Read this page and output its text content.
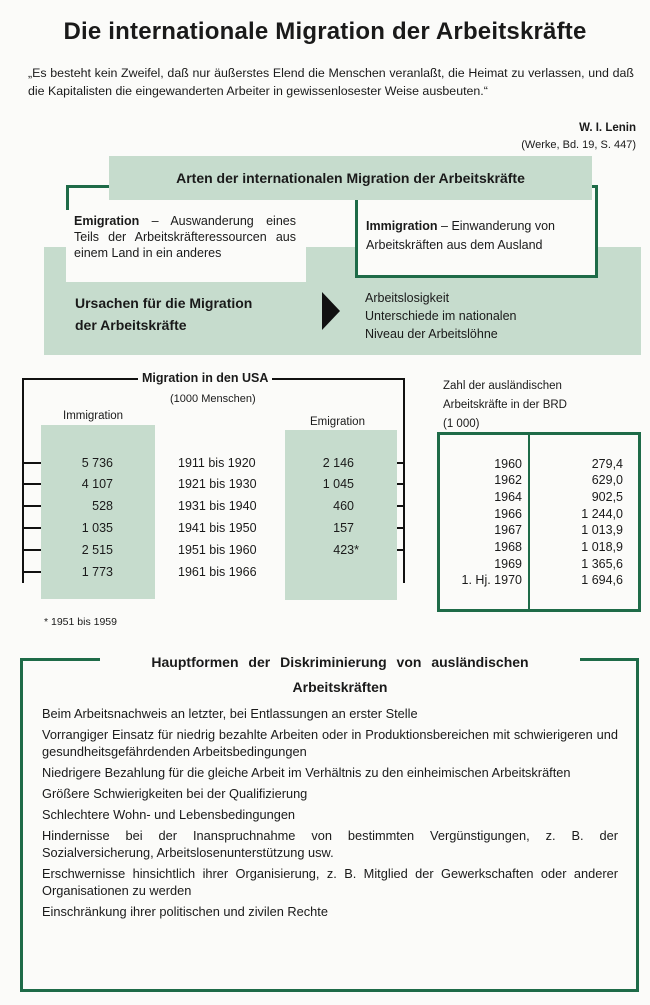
Die internationale Migration der Arbeitskräfte
„Es besteht kein Zweifel, daß nur äußerstes Elend die Menschen veranlaßt, die Heimat zu verlassen, und daß die Kapitalisten die eingewanderten Arbeiter in gewissenlosester Weise ausbeuten.“
W. I. Lenin
(Werke, Bd. 19, S. 447)
Arten der internationalen Migration der Arbeitskräfte
Emigration – Auswanderung eines Teils der Arbeitskräfteressourcen aus einem Land in ein anderes
Immigration – Einwanderung von Arbeitskräften aus dem Ausland
Ursachen für die Migration
der Arbeitskräfte
Arbeitslosigkeit
Unterschiede im nationalen
Niveau der Arbeitslöhne
Migration in den USA
(1000 Menschen)
Immigration	Emigration
5 736	1911 bis 1920	2 146
4 107	1921 bis 1930	1 045
528	1931 bis 1940	460
1 035	1941 bis 1950	157
2 515	1951 bis 1960	423*
1 773	1961 bis 1966
* 1951 bis 1959
Zahl der ausländischen
Arbeitskräfte in der BRD
(1 000)
1960	279,4
1962	629,0
1964	902,5
1966	1 244,0
1967	1 013,9
1968	1 018,9
1969	1 365,6
1. Hj. 1970	1 694,6
Hauptformen der Diskriminierung von ausländischen
Arbeitskräften
Beim Arbeitsnachweis an letzter, bei Entlassungen an erster Stelle
Vorrangiger Einsatz für niedrig bezahlte Arbeiten oder in Produktionsbereichen mit schwierigeren und gesundheitsgefährdenden Arbeitsbedingungen
Niedrigere Bezahlung für die gleiche Arbeit im Verhältnis zu den einheimischen Arbeitskräften
Größere Schwierigkeiten bei der Qualifizierung
Schlechtere Wohn- und Lebensbedingungen
Hindernisse bei der Inanspruchnahme von bestimmten Vergünstigungen, z. B. der Sozialversicherung, Arbeitslosenunterstützung usw.
Erschwernisse hinsichtlich ihrer Organisierung, z. B. Mitglied der Gewerkschaften oder anderer Organisationen zu werden
Einschränkung ihrer politischen und zivilen Rechte
